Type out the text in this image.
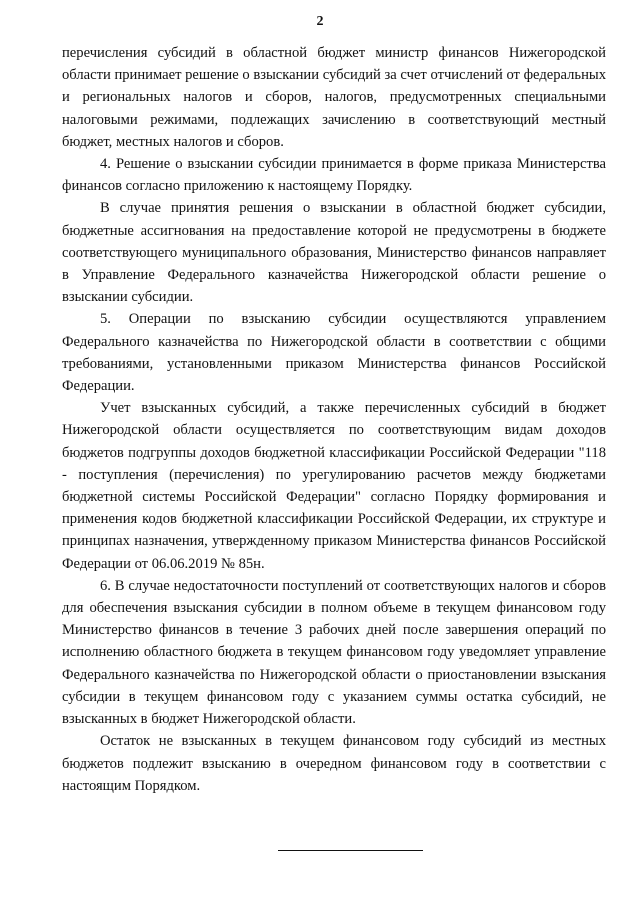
2

перечисления субсидий в областной бюджет министр финансов Нижегородской области принимает решение о взыскании субсидий за счет отчислений от федеральных и региональных налогов и сборов, налогов, предусмотренных специальными налоговыми режимами, подлежащих зачислению в соответствующий местный бюджет, местных налогов и сборов.

4. Решение о взыскании субсидии принимается в форме приказа Министерства финансов согласно приложению к настоящему Порядку.

В случае принятия решения о взыскании в областной бюджет субсидии, бюджетные ассигнования на предоставление которой не предусмотрены в бюджете соответствующего муниципального образования, Министерство финансов направляет в Управление Федерального казначейства Нижегородской области решение о взыскании субсидии.

5. Операции по взысканию субсидии осуществляются управлением Федерального казначейства по Нижегородской области в соответствии с общими требованиями, установленными приказом Министерства финансов Российской Федерации.

Учет взысканных субсидий, а также перечисленных субсидий в бюджет Нижегородской области осуществляется по соответствующим видам доходов бюджетов подгруппы доходов бюджетной классификации Российской Федерации "118 - поступления (перечисления) по урегулированию расчетов между бюджетами бюджетной системы Российской Федерации" согласно Порядку формирования и применения кодов бюджетной классификации Российской Федерации, их структуре и принципах назначения, утвержденному приказом Министерства финансов Российской Федерации от 06.06.2019 № 85н.

6. В случае недостаточности поступлений от соответствующих налогов и сборов для обеспечения взыскания субсидии в полном объеме в текущем финансовом году Министерство финансов в течение 3 рабочих дней после завершения операций по исполнению областного бюджета в текущем финансовом году уведомляет управление Федерального казначейства по Нижегородской области о приостановлении взыскания субсидии в текущем финансовом году с указанием суммы остатка субсидий, не взысканных в бюджет Нижегородской области.

Остаток не взысканных в текущем финансовом году субсидий из местных бюджетов подлежит взысканию в очередном финансовом году в соответствии с настоящим Порядком.
